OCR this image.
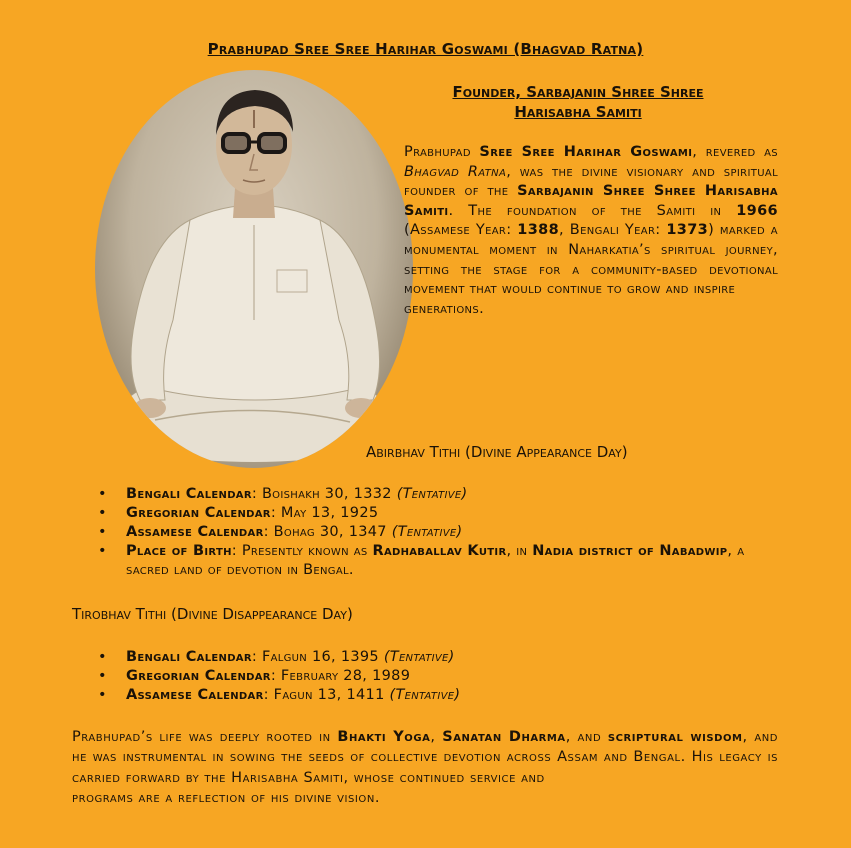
Prabhupad Sree Sree Harihar Goswami (Bhagvad Ratna)
Founder, Sarbajanin Shree Shree
Harisabha Samiti
Prabhupad Sree Sree Harihar Goswami, revered as Bhagvad Ratna, was the divine visionary and spiritual founder of the Sarbajanin Shree Shree Harisabha Samiti. The foundation of the Samiti in 1966 (Assamese Year: 1388, Bengali Year: 1373) marked a monumental moment in Naharkatia’s spiritual journey, setting the stage for a community-based devotional movement that would continue to grow and inspire
generations.
Abirbhav Tithi (Divine Appearance Day)
• Bengali Calendar: Boishakh 30, 1332 (Tentative)
• Gregorian Calendar: May 13, 1925
• Assamese Calendar: Bohag 30, 1347 (Tentative)
• Place of Birth: Presently known as Radhaballav Kutir, in Nadia district of Nabadwip, a sacred land of devotion in Bengal.
Tirobhav Tithi (Divine Disappearance Day)
• Bengali Calendar: Falgun 16, 1395 (Tentative)
• Gregorian Calendar: February 28, 1989
• Assamese Calendar: Fagun 13, 1411 (Tentative)
Prabhupad’s life was deeply rooted in Bhakti Yoga, Sanatan Dharma, and scriptural wisdom, and he was instrumental in sowing the seeds of collective devotion across Assam and Bengal. His legacy is carried forward by the Harisabha Samiti, whose continued service and
programs are a reflection of his divine vision.
